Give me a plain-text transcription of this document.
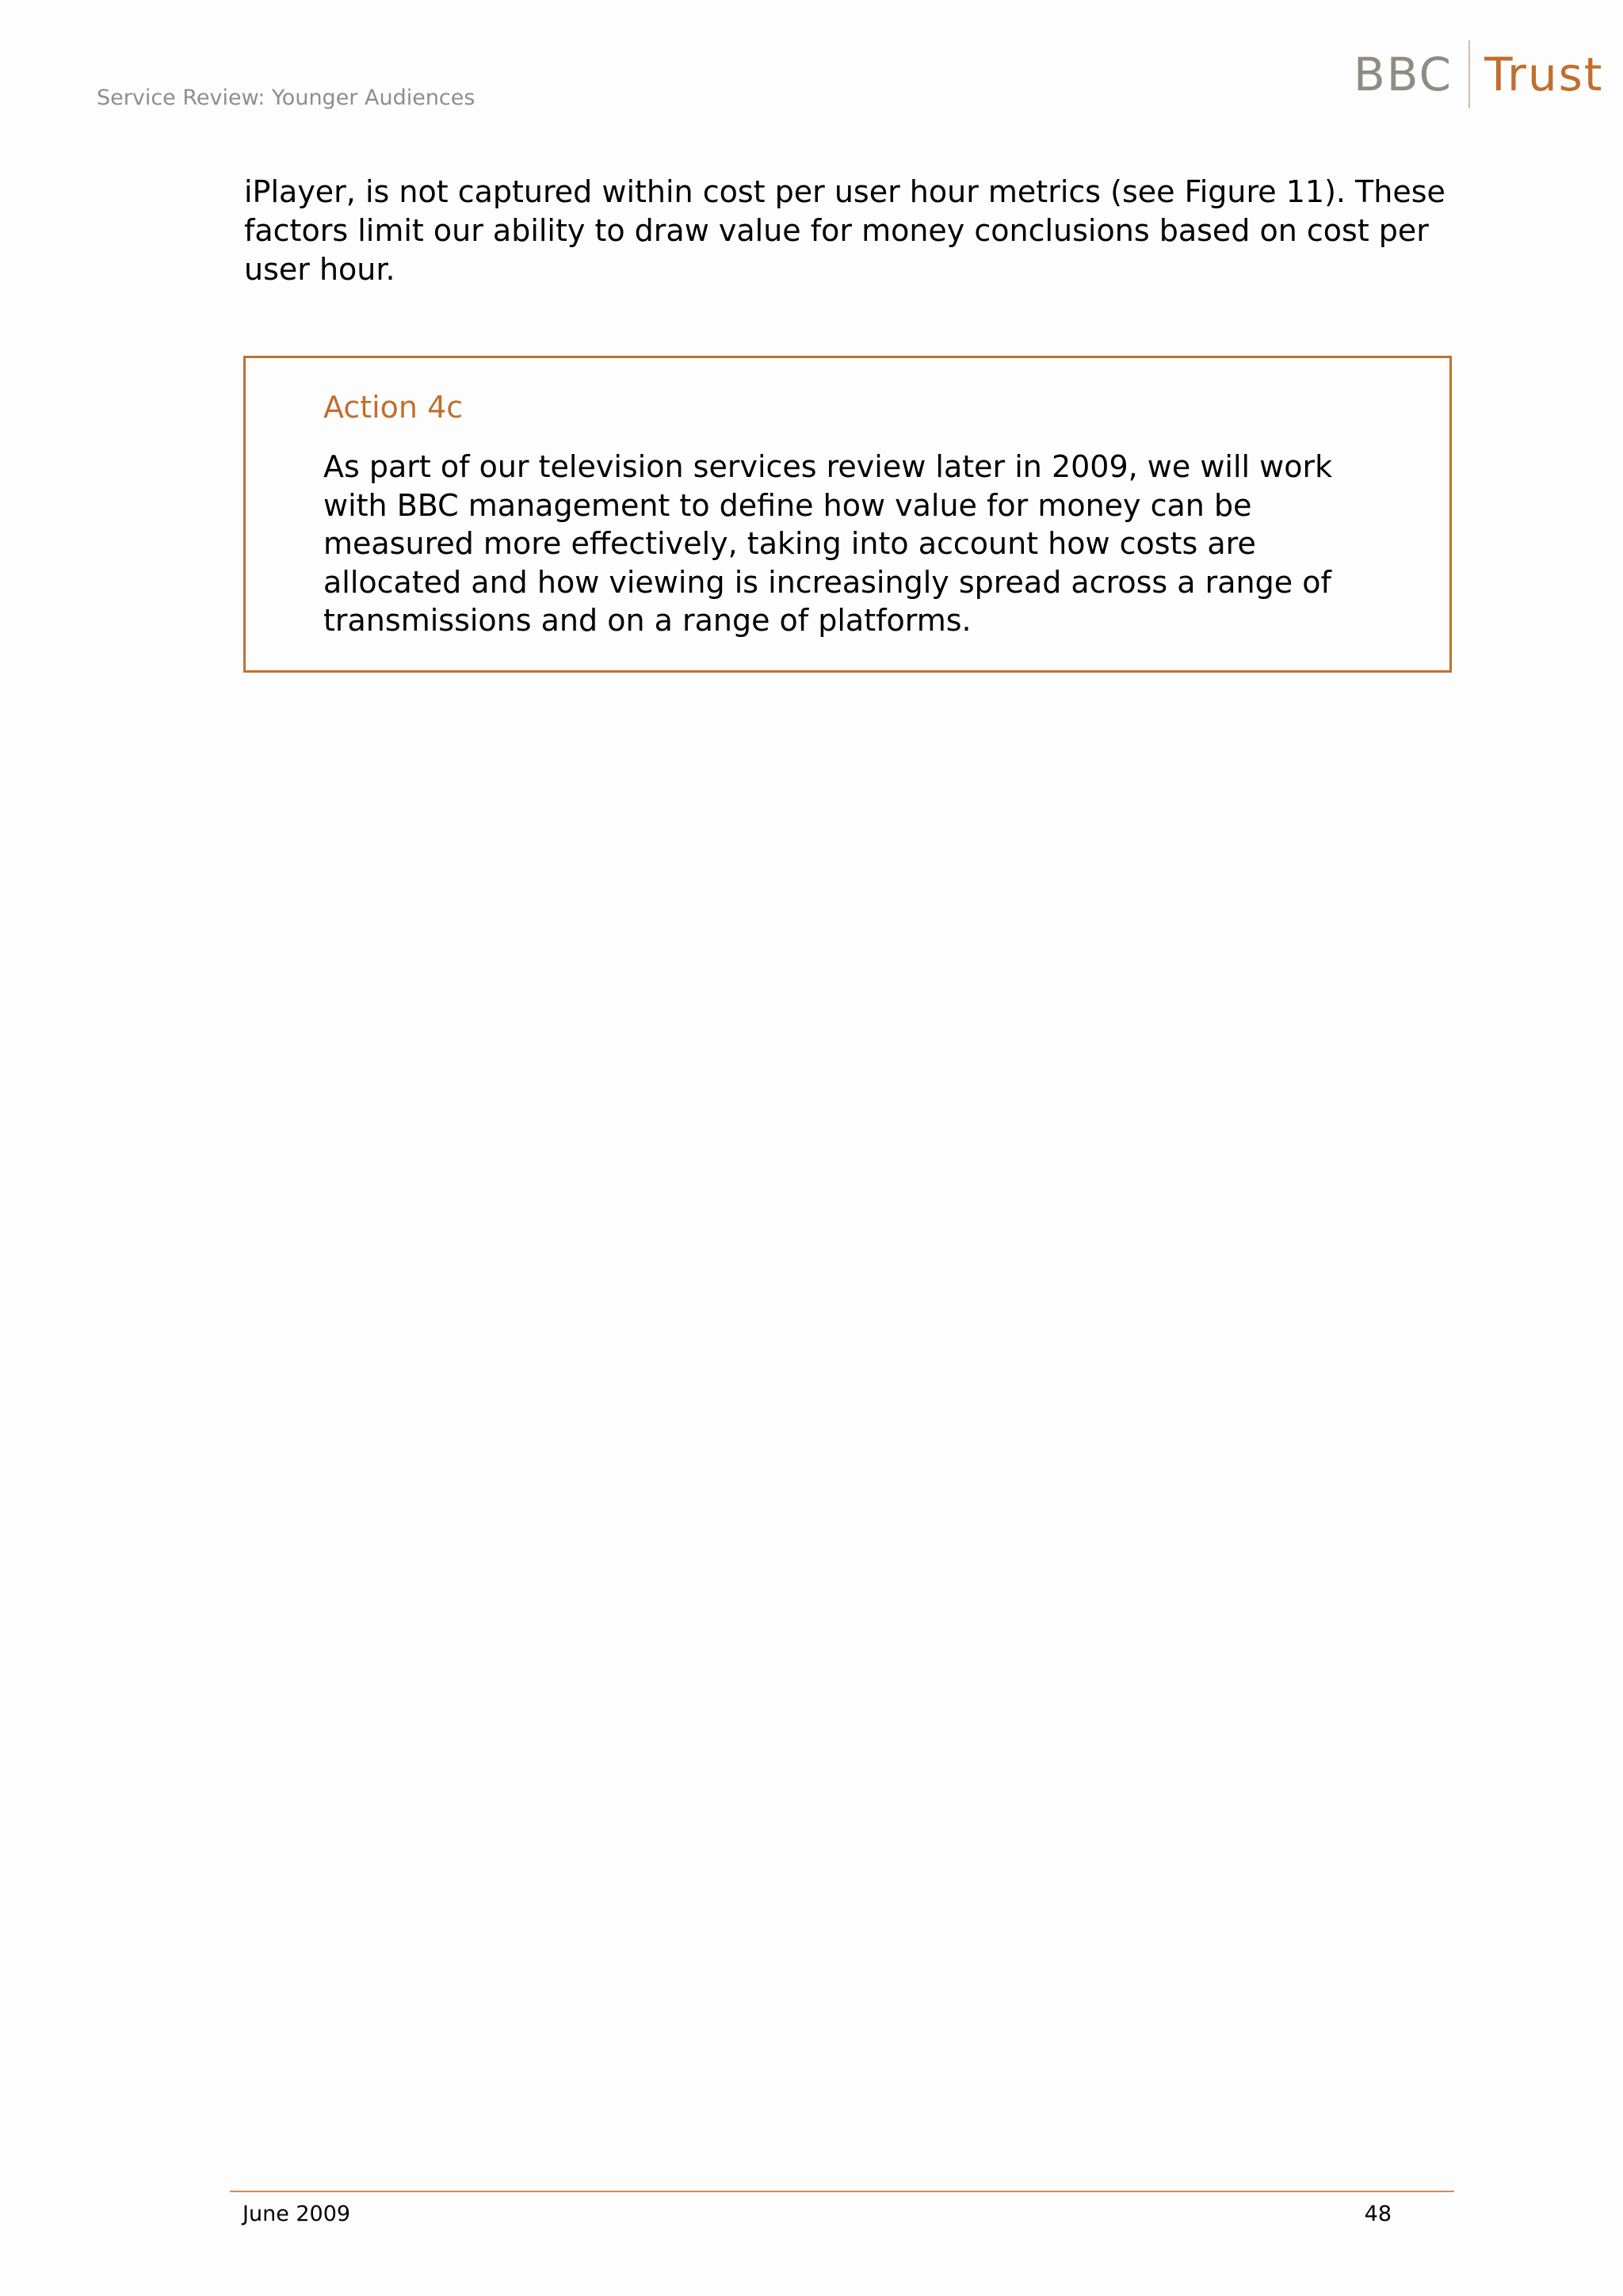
Service Review: Younger Audiences	BBC Trust

iPlayer, is not captured within cost per user hour metrics (see Figure 11). These factors limit our ability to draw value for money conclusions based on cost per user hour.

Action 4c

As part of our television services review later in 2009, we will work with BBC management to define how value for money can be measured more effectively, taking into account how costs are allocated and how viewing is increasingly spread across a range of transmissions and on a range of platforms.

June 2009	48
